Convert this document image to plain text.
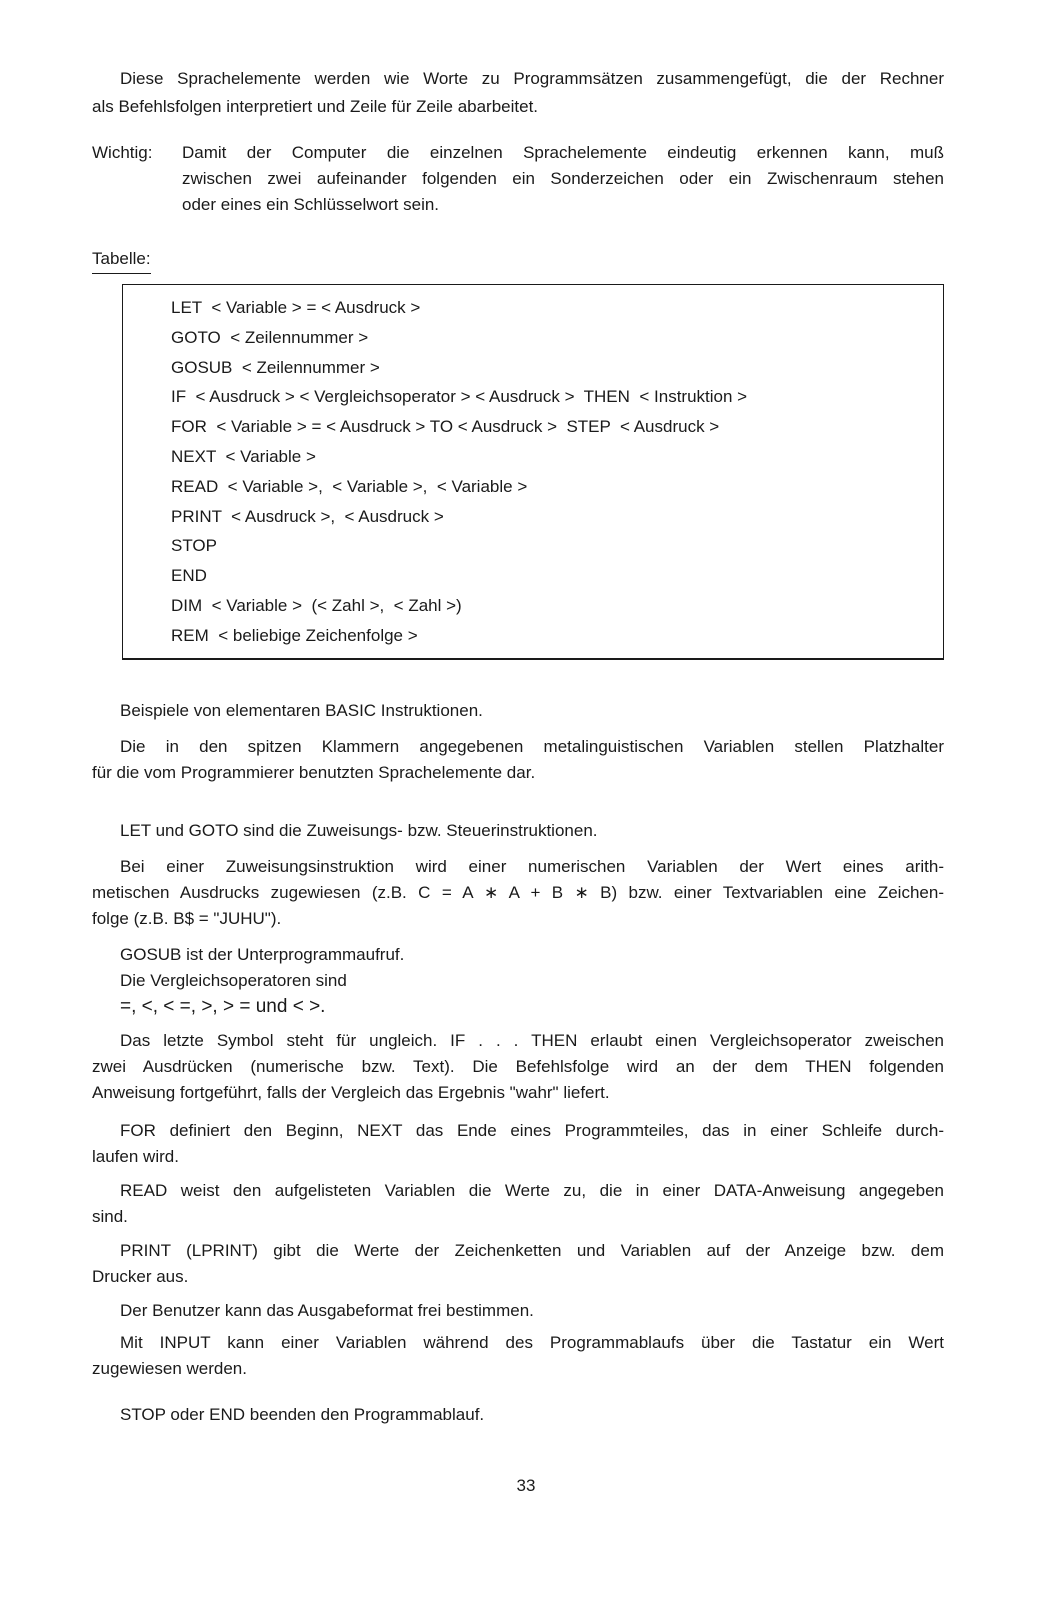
Diese Sprachelemente werden wie Worte zu Programmsätzen zusammengefügt, die der Rechner
als Befehlsfolgen interpretiert und Zeile für Zeile abarbeitet.
Wichtig: Damit der Computer die einzelnen Sprachelemente eindeutig erkennen kann, muß
zwischen zwei aufeinander folgenden ein Sonderzeichen oder ein Zwischenraum stehen
oder eines ein Schlüsselwort sein.
Tabelle:
LET  < Variable > = < Ausdruck >
GOTO  < Zeilennummer >
GOSUB  < Zeilennummer >
IF  < Ausdruck > < Vergleichsoperator > < Ausdruck >  THEN  < Instruktion >
FOR  < Variable > = < Ausdruck > TO < Ausdruck >  STEP  < Ausdruck >
NEXT  < Variable >
READ  < Variable >,  < Variable >,  < Variable >
PRINT  < Ausdruck >,  < Ausdruck >
STOP
END
DIM  < Variable >  (< Zahl >,  < Zahl >)
REM  < beliebige Zeichenfolge >
Beispiele von elementaren BASIC Instruktionen.
Die in den spitzen Klammern angegebenen metalinguistischen Variablen stellen Platzhalter
für die vom Programmierer benutzten Sprachelemente dar.
LET und GOTO sind die Zuweisungs- bzw. Steuerinstruktionen.
Bei einer Zuweisungsinstruktion wird einer numerischen Variablen der Wert eines arith-
metischen Ausdrucks zugewiesen (z.B. C = A ∗ A + B ∗ B) bzw. einer Textvariablen eine Zeichen-
folge (z.B. B$ = "JUHU").
GOSUB ist der Unterprogrammaufruf.
Die Vergleichsoperatoren sind
=, <, < =, >, > = und < >.
Das letzte Symbol steht für ungleich. IF . . . THEN erlaubt einen Vergleichsoperator zweischen
zwei Ausdrücken (numerische bzw. Text). Die Befehlsfolge wird an der dem THEN folgenden
Anweisung fortgeführt, falls der Vergleich das Ergebnis "wahr" liefert.
FOR definiert den Beginn, NEXT das Ende eines Programmteiles, das in einer Schleife durch-
laufen wird.
READ weist den aufgelisteten Variablen die Werte zu, die in einer DATA-Anweisung angegeben
sind.
PRINT (LPRINT) gibt die Werte der Zeichenketten und Variablen auf der Anzeige bzw. dem
Drucker aus.
Der Benutzer kann das Ausgabeformat frei bestimmen.
Mit INPUT kann einer Variablen während des Programmablaufs über die Tastatur ein Wert
zugewiesen werden.
STOP oder END beenden den Programmablauf.
33
